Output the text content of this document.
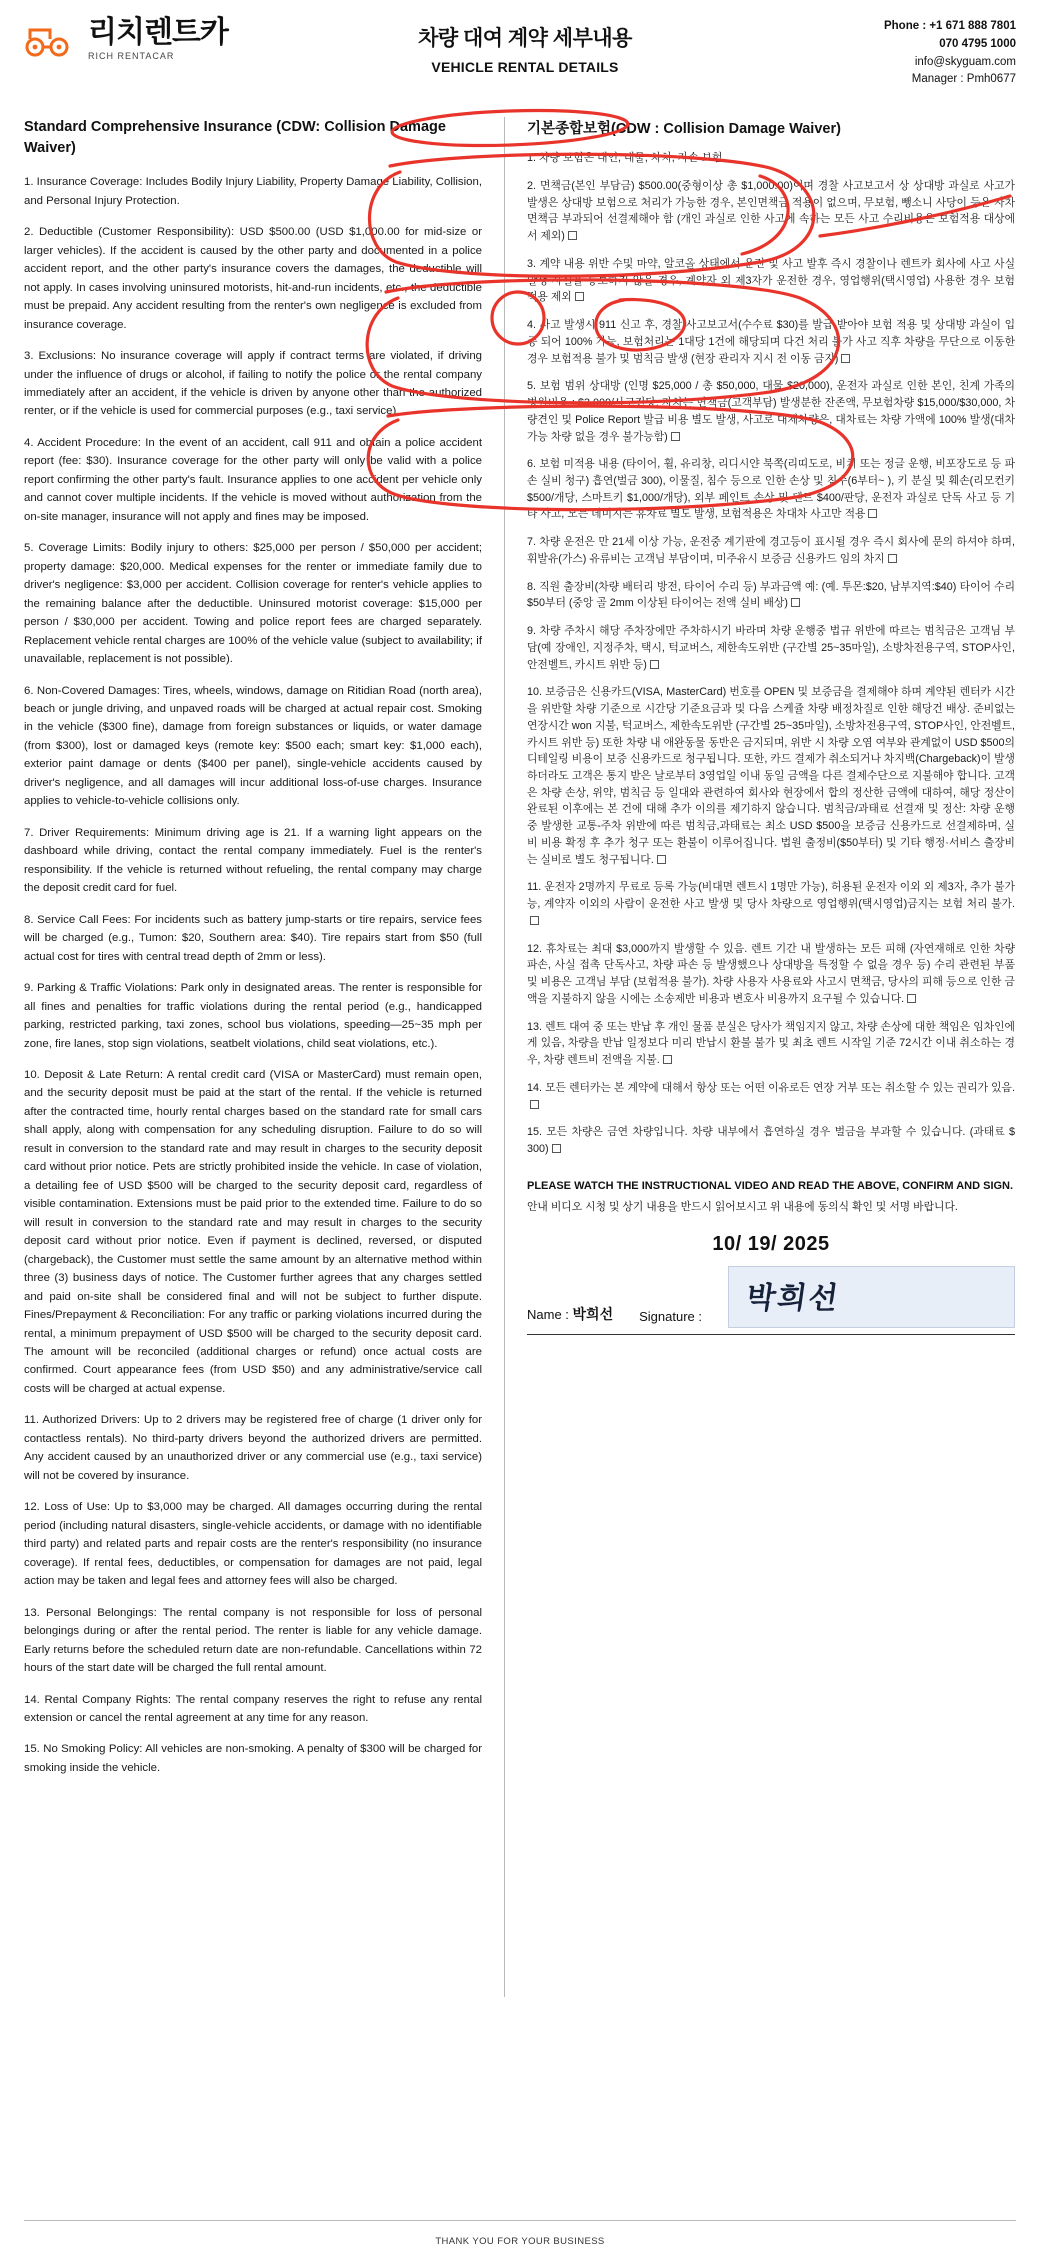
리치렌트카
RICH RENTACAR
차량 대여 계약 세부내용
VEHICLE RENTAL DETAILS
Phone : +1 671 888 7801
070 4795 1000
info@skyguam.com
Manager : Pmh0677
Standard Comprehensive Insurance (CDW: Collision Damage Waiver)

1. Insurance Coverage: Includes Bodily Injury Liability, Property Damage Liability, Collision, and Personal Injury Protection.

2. Deductible (Customer Responsibility): USD $500.00 (USD $1,000.00 for mid-size or larger vehicles). If the accident is caused by the other party and documented in a police accident report, and the other party's insurance covers the damages, the deductible will not apply. In cases involving uninsured motorists, hit-and-run incidents, etc., the deductible must be prepaid. Any accident resulting from the renter's own negligence is excluded from insurance coverage.

3. Exclusions: No insurance coverage will apply if contract terms are violated, if driving under the influence of drugs or alcohol, if failing to notify the police or the rental company immediately after an accident, if the vehicle is driven by anyone other than the authorized renter, or if the vehicle is used for commercial purposes (e.g., taxi service).

4. Accident Procedure: In the event of an accident, call 911 and obtain a police accident report (fee: $30). Insurance coverage for the other party will only be valid with a police report confirming the other party's fault. Insurance applies to one accident per vehicle only and cannot cover multiple incidents. If the vehicle is moved without authorization from the on-site manager, insurance will not apply and fines may be imposed.

5. Coverage Limits: Bodily injury to others: $25,000 per person / $50,000 per accident; property damage: $20,000. Medical expenses for the renter or immediate family due to driver's negligence: $3,000 per accident. Collision coverage for renter's vehicle applies to the remaining balance after the deductible. Uninsured motorist coverage: $15,000 per person / $30,000 per accident. Towing and police report fees are charged separately. Replacement vehicle rental charges are 100% of the vehicle value (subject to availability; if unavailable, replacement is not possible).

6. Non-Covered Damages: Tires, wheels, windows, damage on Ritidian Road (north area), beach or jungle driving, and unpaved roads will be charged at actual repair cost. Smoking in the vehicle ($300 fine), damage from foreign substances or liquids, or water damage (from $300), lost or damaged keys (remote key: $500 each; smart key: $1,000 each), exterior paint damage or dents ($400 per panel), single-vehicle accidents caused by driver's negligence, and all damages will incur additional loss-of-use charges. Insurance applies to vehicle-to-vehicle collisions only.

7. Driver Requirements: Minimum driving age is 21. If a warning light appears on the dashboard while driving, contact the rental company immediately. Fuel is the renter's responsibility. If the vehicle is returned without refueling, the rental company may charge the deposit credit card for fuel.

8. Service Call Fees: For incidents such as battery jump-starts or tire repairs, service fees will be charged (e.g., Tumon: $20, Southern area: $40). Tire repairs start from $50 (full actual cost for tires with central tread depth of 2mm or less).

9. Parking & Traffic Violations: Park only in designated areas. The renter is responsible for all fines and penalties for traffic violations during the rental period (e.g., handicapped parking, restricted parking, taxi zones, school bus violations, speeding—25~35 mph per zone, fire lanes, stop sign violations, seatbelt violations, child seat violations, etc.).

10. Deposit & Late Return: A rental credit card (VISA or MasterCard) must remain open, and the security deposit must be paid at the start of the rental. If the vehicle is returned after the contracted time, hourly rental charges based on the standard rate for small cars shall apply, along with compensation for any scheduling disruption. Failure to do so will result in conversion to the standard rate and may result in charges to the security deposit card without prior notice. Pets are strictly prohibited inside the vehicle. In case of violation, a detailing fee of USD $500 will be charged to the security deposit card, regardless of visible contamination. Extensions must be paid prior to the extended time. Failure to do so will result in conversion to the standard rate and may result in charges to the security deposit card without prior notice. Even if payment is declined, reversed, or disputed (chargeback), the Customer must settle the same amount by an alternative method within three (3) business days of notice. The Customer further agrees that any charges settled and paid on-site shall be considered final and will not be subject to further dispute. Fines/Prepayment & Reconciliation: For any traffic or parking violations incurred during the rental, a minimum prepayment of USD $500 will be charged to the security deposit card. The amount will be reconciled (additional charges or refund) once actual costs are confirmed. Court appearance fees (from USD $50) and any administrative/service call costs will be charged at actual expense.

11. Authorized Drivers: Up to 2 drivers may be registered free of charge (1 driver only for contactless rentals). No third-party drivers beyond the authorized drivers are permitted. Any accident caused by an unauthorized driver or any commercial use (e.g., taxi service) will not be covered by insurance.

12. Loss of Use: Up to $3,000 may be charged. All damages occurring during the rental period (including natural disasters, single-vehicle accidents, or damage with no identifiable third party) and related parts and repair costs are the renter's responsibility (no insurance coverage). If rental fees, deductibles, or compensation for damages are not paid, legal action may be taken and legal fees and attorney fees will also be charged.

13. Personal Belongings: The rental company is not responsible for loss of personal belongings during or after the rental period. The renter is liable for any vehicle damage. Early returns before the scheduled return date are non-refundable. Cancellations within 72 hours of the start date will be charged the full rental amount.

14. Rental Company Rights: The rental company reserves the right to refuse any rental extension or cancel the rental agreement at any time for any reason.

15. No Smoking Policy: All vehicles are non-smoking. A penalty of $300 will be charged for smoking inside the vehicle.

기본종합보험(CDW : Collision Damage Waiver)

1. 차량 보험은 대인, 대물, 차치, 자손 보험

2. 면책금(본인 부담금) $500.00(중형이상 총 $1,000.00)이며 경찰 사고보고서 상 상대방 과실로 사고가 발생은 상대방 보험으로 처리가 가능한 경우, 본인면책금 적용이 없으며, 무보험, 뺑소니 사당이 등은 자차 면책금 부과되어 선결제해야 함 (개인 과실로 인한 사고에 속하는 모든 사고 수리비용은 보험적용 대상에서 제외)

3. 계약 내용 위반 수및 마약, 알코올 상태에서 운전 및 사고 발후 즉시 경찰이나 렌트카 회사에 사고 사실 발생 사실을 통보하지 않을 경우, 계약자 외 제3자가 운전한 경우, 영업행위(택시영업) 사용한 경우 보험 적용 제외

4. 사고 발생시 911 신고 후, 경찰 사고보고서(수수료 $30)를 발급 받아야 보험 적용 및 상대방 과실이 입증 되어 100% 가능, 보험처리는 1대당 1건에 해당되며 다건 처리 불가 사고 직후 차량을 무단으로 이동한 경우 보험적용 불가 및 범칙금 발생 (현장 관리자 지시 전 이동 금지)

5. 보험 범위 상대방 (인명 $25,000 / 총 $50,000, 대물 $20,000), 운전자 과실로 인한 본인, 친계 가족의 병원비용 : $3,000/사고건당, 자차는 면책금(고객부담) 발생분한 잔존액, 무보험차량 $15,000/$30,000, 차량견인 및 Police Report 발급 비용 별도 발생, 사고로 대체차량은, 대차료는 차량 가액에 100% 발생(대차 가능 차량 없을 경우 불가능함)

6. 보험 미적용 내용 (타이어, 휠, 유리창, 리디시얀 북쪽(리띠도로, 비치 또는 정글 운행, 비포장도로 등 파손 실비 청구) 흡연(벌금 300), 이물질, 침수 등으로 인한 손상 및 침수(6부터~ ), 키 분실 및 훼손(리모컨키 $500/개당, 스마트키 $1,000/개당), 외부 페인트 손상 및 덴트 $400/판당, 운전자 과실로 단독 사고 등 기타 사고, 모든 데미지는 휴차료 별도 발생, 보험적용은 차대차 사고만 적용

7. 차량 운전은 만 21세 이상 가능, 운전중 계기판에 경고등이 표시될 경우 즉시 회사에 문의 하셔야 하며, 휘발유(가스) 유류비는 고객님 부담이며, 미주유시 보증금 신용카드 임의 차지

8. 직원 출장비(차량 배터리 방전, 타이어 수리 등) 부과금액 예: (예. 투몬:$20, 남부지역:$40) 타이어 수리 $50부터 (중앙 골 2mm 이상된 타이어는 전액 실비 배상)

9. 차량 주차시 해당 주차장에만 주차하시기 바라며 차량 운행중 법규 위반에 따르는 범칙금은 고객님 부담(예 장애인, 지정주차, 택시, 턱교버스, 제한속도위반 (구간별 25~35마일), 소방차전용구역, STOP사인, 안전벨트, 카시트 위반 등)

10. 보증금은 신용카드(VISA, MasterCard) 번호를 OPEN 및 보증금을 결제해야 하며 계약된 렌터카 시간을 위반할 차량 기준으로 시간당 기준요금과 및 다음 스케쥴 차량 배정차질로 인한 해당건 배상. 준비없는 연장시간 won 지불, 턱교버스, 제한속도위반 (구간별 25~35마일), 소방차전용구역, STOP사인, 안전벨트, 카시트 위반 등) 또한 차량 내 애완동물 동반은 금지되며, 위반 시 차량 오염 여부와 관계없이 USD $500의 디테일링 비용이 보증 신용카드로 청구됩니다. 또한, 카드 결제가 취소되거나 차지백(Chargeback)이 발생하더라도 고객은 통지 받은 날로부터 3영업일 이내 동일 금액을 다른 결제수단으로 지불해야 합니다. 고객은 차량 손상, 위약, 범칙금 등 일대와 관련하여 회사와 현장에서 합의 정산한 금액에 대하여, 해당 정산이 완료된 이후에는 본 건에 대해 추가 이의를 제기하지 않습니다. 범칙금/과태료 선결재 및 정산: 차량 운행 중 발생한 교통-주차 위반에 따른 범칙금,과태료는 최소 USD $500을 보증금 신용카드로 선결제하며, 실비 비용 확정 후 추가 청구 또는 환불이 이루어집니다. 법원 출정비($50부터) 및 기타 행정·서비스 출장비는 실비로 별도 청구됩니다.

11. 운전자 2명까지 무료로 등록 가능(비대면 렌트시 1명만 가능), 허용된 운전자 이외 외 제3자, 추가 불가능, 계약자 이외의 사람이 운전한 사고 발생 및 당사 차량으로 영업행위(택시영업)금지는 보험 처리 불가.

12. 휴차료는 최대 $3,000까지 발생할 수 있음. 렌트 기간 내 발생하는 모든 피해 (자연재해로 인한 차량 파손, 사실 접촉 단독사고, 차량 파손 등 발생했으나 상대방을 특정할 수 없을 경우 등) 수리 관련된 부품 및 비용은 고객님 부담 (보험적용 불가). 차량 사용자 사용료와 사고시 면책금, 당사의 피해 등으로 인한 금액을 지불하지 않을 시에는 소송제반 비용과 변호사 비용까지 요구될 수 있습니다.

13. 렌트 대여 중 또는 반납 후 개인 물품 분실은 당사가 책임지지 않고, 차량 손상에 대한 책임은 임차인에게 있음, 차량을 반납 일정보다 미리 반납시 환불 불가 및 최초 렌트 시작일 기준 72시간 이내 취소하는 경우, 차량 렌트비 전액을 지불.

14. 모든 렌터카는 본 계약에 대해서 항상 또는 어떤 이유로든 연장 거부 또는 취소할 수 있는 권리가 있음.

15. 모든 차량은 금연 차량입니다. 차량 내부에서 흡연하실 경우 벌금을 부과할 수 있습니다. (과태료 $ 300)

PLEASE WATCH THE INSTRUCTIONAL VIDEO AND READ THE ABOVE, CONFIRM AND SIGN.
안내 비디오 시청 및 상기 내용을 반드시 읽어보시고 위 내용에 동의식 확인 및 서명 바랍니다.
10/ 19/ 2025
Name : 박희선 Signature :
박희선
THANK YOU FOR YOUR BUSINESS
